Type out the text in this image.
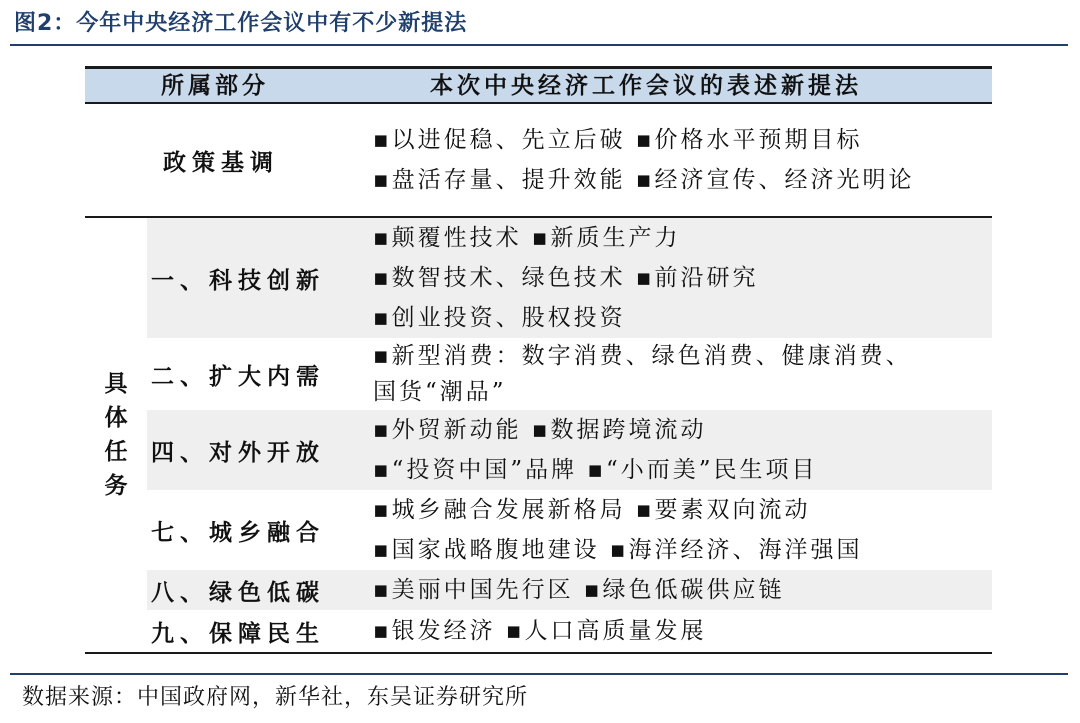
图2：今年中央经济工作会议中有不少新提法
所属部分	本次中央经济工作会议的表述新提法
政策基调
▪以进促稳、先立后破 ▪价格水平预期目标
▪盘活存量、提升效能 ▪经济宣传、经济光明论
具
体
任
务
一、科技创新
▪颠覆性技术 ▪新质生产力
▪数智技术、绿色技术 ▪前沿研究
▪创业投资、股权投资
二、扩大内需
▪新型消费：数字消费、绿色消费、健康消费、
国货“潮品”
四、对外开放
▪外贸新动能 ▪数据跨境流动
▪“投资中国”品牌 ▪“小而美”民生项目
七、城乡融合
▪城乡融合发展新格局 ▪要素双向流动
▪国家战略腹地建设 ▪海洋经济、海洋强国
八、绿色低碳 ▪美丽中国先行区 ▪绿色低碳供应链
九、保障民生 ▪银发经济 ▪人口高质量发展
数据来源：中国政府网，新华社，东吴证券研究所
